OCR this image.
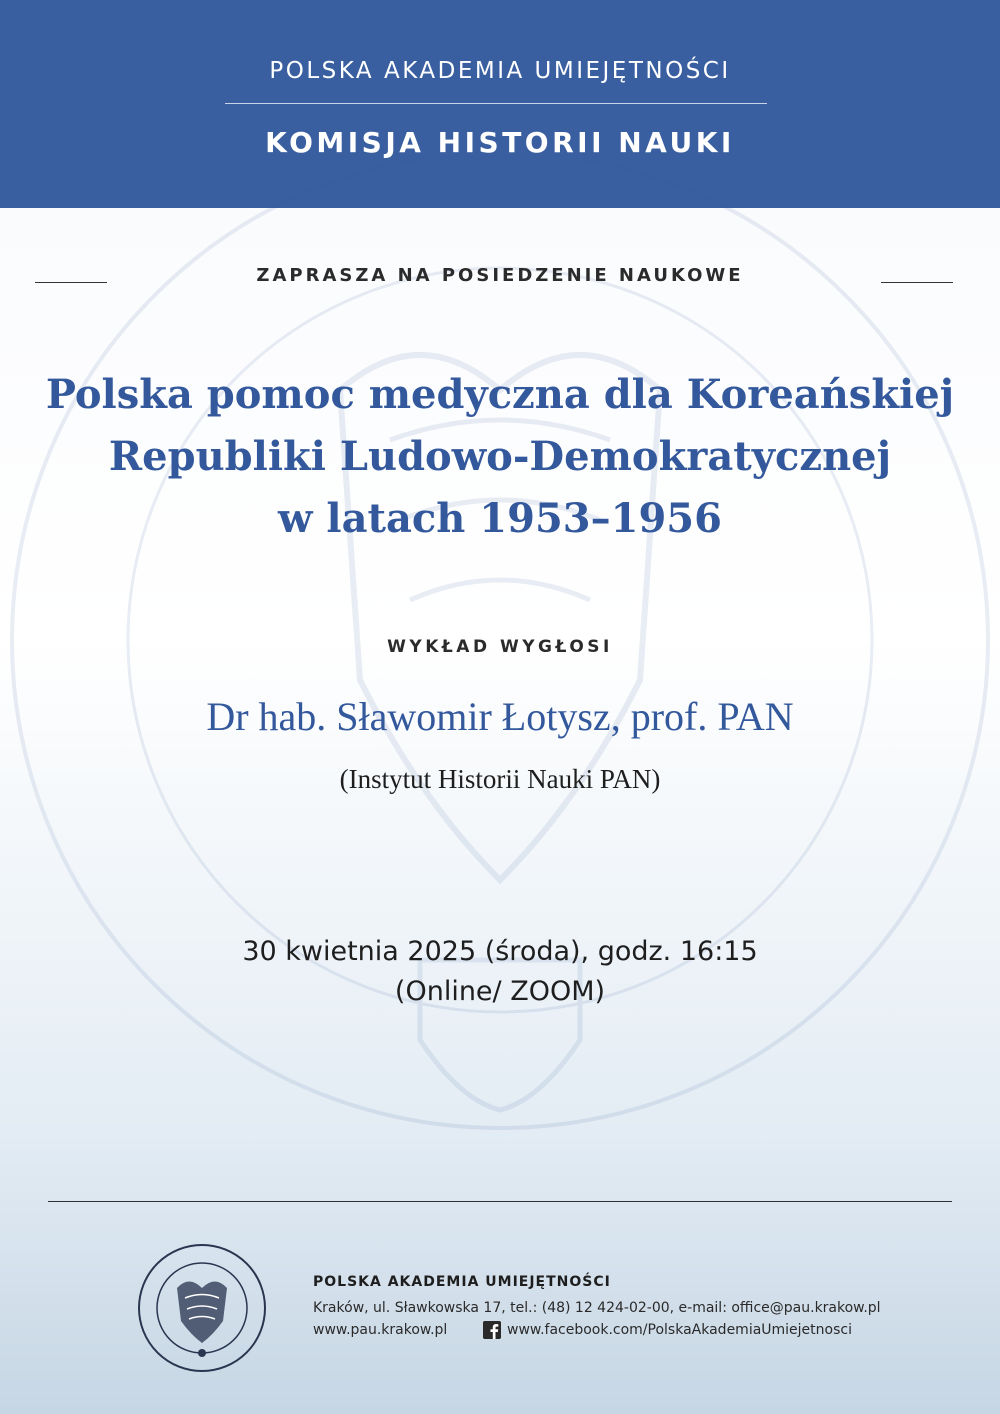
POLSKA AKADEMIA UMIEJĘTNOŚCI
KOMISJA HISTORII NAUKI
ZAPRASZA NA POSIEDZENIE NAUKOWE
Polska pomoc medyczna dla Koreańskiej
Republiki Ludowo-Demokratycznej
w latach 1953–1956
WYKŁAD WYGŁOSI
Dr hab. Sławomir Łotysz, prof. PAN
(Instytut Historii Nauki PAN)
30 kwietnia 2025 (środa), godz. 16:15
(Online/ ZOOM)
POLSKA AKADEMIA UMIEJĘTNOŚCI
Kraków, ul. Sławkowska 17, tel.: (48) 12 424-02-00, e-mail: office@pau.krakow.pl
www.pau.krakow.pl	www.facebook.com/PolskaAkademiaUmiejetnosci
